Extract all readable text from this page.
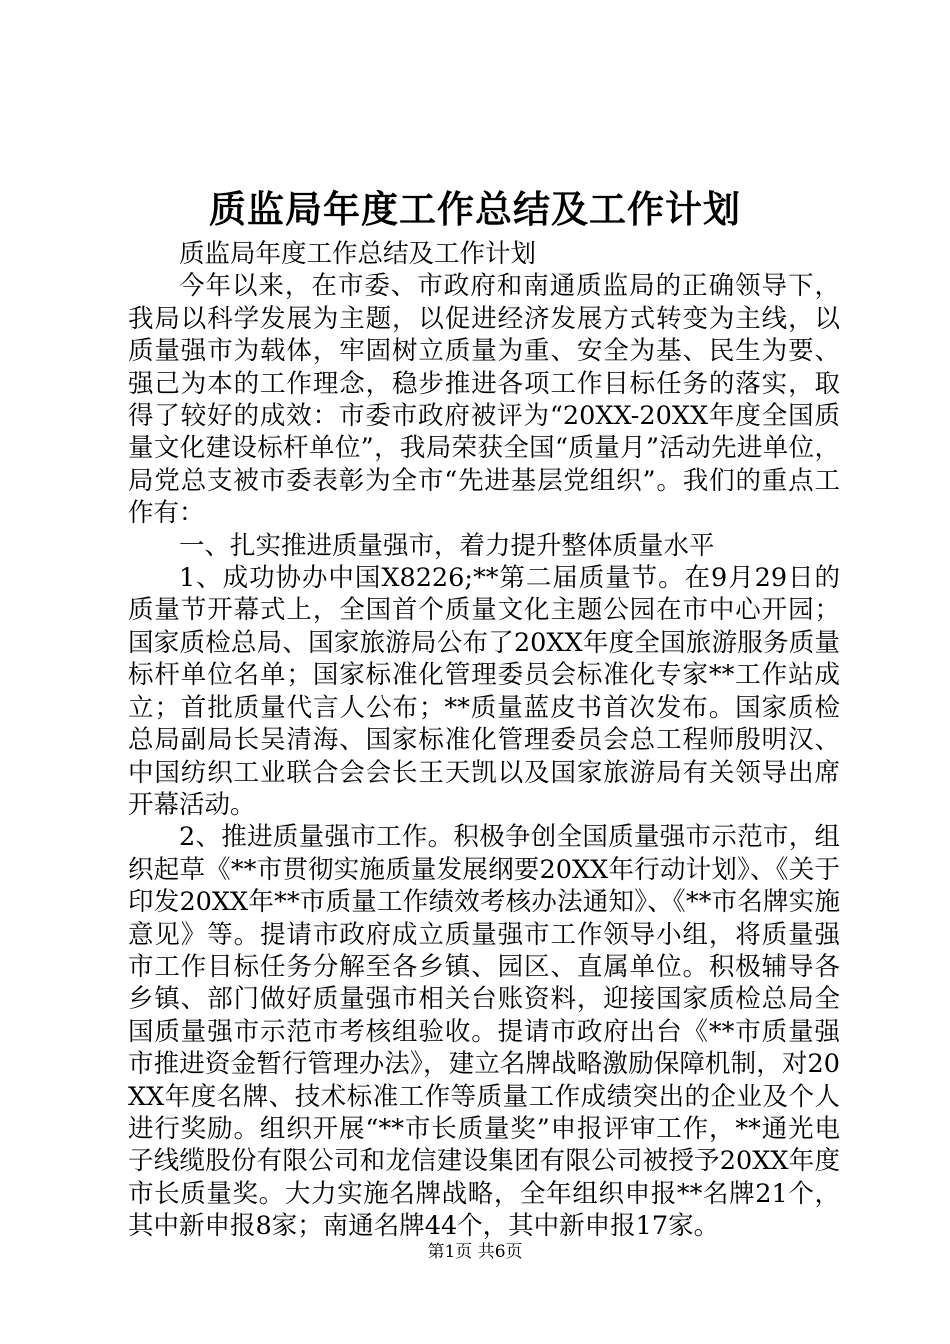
质监局年度工作总结及工作计划

质监局年度工作总结及工作计划

今年以来，在市委、市政府和南通质监局的正确领导下，我局以科学发展为主题，以促进经济发展方式转变为主线，以质量强市为载体，牢固树立质量为重、安全为基、民生为要、强己为本的工作理念，稳步推进各项工作目标任务的落实，取得了较好的成效：市委市政府被评为“20XX-20XX年度全国质量文化建设标杆单位”，我局荣获全国“质量月”活动先进单位，局党总支被市委表彰为全市“先进基层党组织”。我们的重点工作有：

一、扎实推进质量强市，着力提升整体质量水平

1、成功协办中国X8226;**第二届质量节。在9月29日的质量节开幕式上，全国首个质量文化主题公园在市中心开园；国家质检总局、国家旅游局公布了20XX年度全国旅游服务质量标杆单位名单；国家标准化管理委员会标准化专家**工作站成立；首批质量代言人公布；**质量蓝皮书首次发布。国家质检总局副局长吴清海、国家标准化管理委员会总工程师殷明汉、中国纺织工业联合会会长王天凯以及国家旅游局有关领导出席开幕活动。

2、推进质量强市工作。积极争创全国质量强市示范市，组织起草《**市贯彻实施质量发展纲要20XX年行动计划》、《关于印发20XX年**市质量工作绩效考核办法通知》、《**市名牌实施意见》等。提请市政府成立质量强市工作领导小组，将质量强市工作目标任务分解至各乡镇、园区、直属单位。积极辅导各乡镇、部门做好质量强市相关台账资料，迎接国家质检总局全国质量强市示范市考核组验收。提请市政府出台《**市质量强市推进资金暂行管理办法》，建立名牌战略激励保障机制，对20XX年度名牌、技术标准工作等质量工作成绩突出的企业及个人进行奖励。组织开展“**市长质量奖”申报评审工作，**通光电子线缆股份有限公司和龙信建设集团有限公司被授予20XX年度市长质量奖。大力实施名牌战略，全年组织申报**名牌21个，其中新申报8家；南通名牌44个，其中新申报17家。

第1页 共6页
